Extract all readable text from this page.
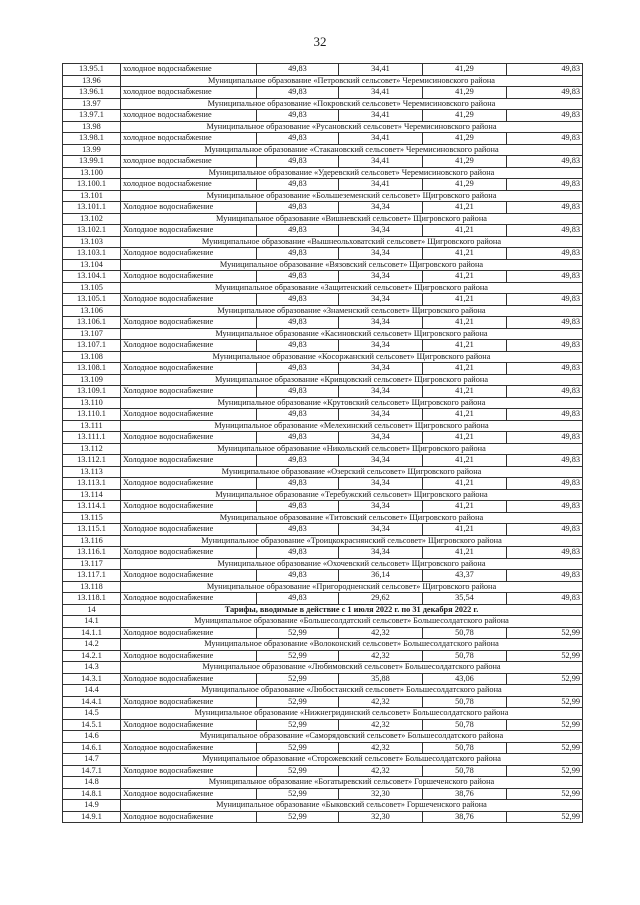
32
13.95.1	холодное водоснабжение	49,83	34,41	41,29	49,83
13.96	Муниципальное образование «Петровский сельсовет» Черемисиновского района				
13.96.1	холодное водоснабжение	49,83	34,41	41,29	49,83
13.97	Муниципальное образование «Покровский сельсовет» Черемисиновского района				
13.97.1	холодное водоснабжение	49,83	34,41	41,29	49,83
13.98	Муниципальное образование «Русановский сельсовет» Черемисиновского района				
13.98.1	холодное водоснабжение	49,83	34,41	41,29	49,83
13.99	Муниципальное образование «Стакановский сельсовет» Черемисиновского района				
13.99.1	холодное водоснабжение	49,83	34,41	41,29	49,83
13.100	Муниципальное образование «Удеревский сельсовет» Черемисиновского района				
13.100.1	холодное водоснабжение	49,83	34,41	41,29	49,83
13.101	Муниципальное образование «Большеземенский сельсовет» Щигровского района				
13.101.1	Холодное водоснабжение	49,83	34,34	41,21	49,83
13.102	Муниципальное образование «Вишневский сельсовет» Щигровского района				
13.102.1	Холодное водоснабжение	49,83	34,34	41,21	49,83
13.103	Муниципальное образование «Вышнеольховатский сельсовет» Щигровского района				
13.103.1	Холодное водоснабжение	49,83	34,34	41,21	49,83
13.104	Муниципальное образование «Вязовский сельсовет» Щигровского района				
13.104.1	Холодное водоснабжение	49,83	34,34	41,21	49,83
13.105	Муниципальное образование «Защитенский сельсовет» Щигровского района				
13.105.1	Холодное водоснабжение	49,83	34,34	41,21	49,83
13.106	Муниципальное образование «Знаменский сельсовет» Щигровского района				
13.106.1	Холодное водоснабжение	49,83	34,34	41,21	49,83
13.107	Муниципальное образование «Касиновский сельсовет» Щигровского района				
13.107.1	Холодное водоснабжение	49,83	34,34	41,21	49,83
13.108	Муниципальное образование «Косоржанский сельсовет» Щигровского района				
13.108.1	Холодное водоснабжение	49,83	34,34	41,21	49,83
13.109	Муниципальное образование «Кривцовский сельсовет» Щигровского района				
13.109.1	Холодное водоснабжение	49,83	34,34	41,21	49,83
13.110	Муниципальное образование «Крутовский сельсовет» Щигровского района				
13.110.1	Холодное водоснабжение	49,83	34,34	41,21	49,83
13.111	Муниципальное образование «Мелехинский сельсовет» Щигровского района				
13.111.1	Холодное водоснабжение	49,83	34,34	41,21	49,83
13.112	Муниципальное образование «Никольский сельсовет» Щигровского района				
13.112.1	Холодное водоснабжение	49,83	34,34	41,21	49,83
13.113	Муниципальное образование «Озерский сельсовет» Щигровского района				
13.113.1	Холодное водоснабжение	49,83	34,34	41,21	49,83
13.114	Муниципальное образование «Теребужский сельсовет» Щигровского района				
13.114.1	Холодное водоснабжение	49,83	34,34	41,21	49,83
13.115	Муниципальное образование «Титовский сельсовет» Щигровского района				
13.115.1	Холодное водоснабжение	49,83	34,34	41,21	49,83
13.116	Муниципальное образование «Троицкокраснянский сельсовет» Щигровского района				
13.116.1	Холодное водоснабжение	49,83	34,34	41,21	49,83
13.117	Муниципальное образование «Охочевский сельсовет» Щигровского района				
13.117.1	Холодное водоснабжение	49,83	36,14	43,37	49,83
13.118	Муниципальное образование «Пригородненский сельсовет» Щигровского района				
13.118.1	Холодное водоснабжение	49,83	29,62	35,54	49,83
14	Тарифы, вводимые в действие с 1 июля 2022 г. по 31 декабря 2022 г.				
14.1	Муниципальное образование «Большесолдатский сельсовет» Большесолдатского района				
14.1.1	Холодное водоснабжение	52,99	42,32	50,78	52,99
14.2	Муниципальное образование «Волоконский сельсовет» Большесолдатского района				
14.2.1	Холодное водоснабжение	52,99	42,32	50,78	52,99
14.3	Муниципальное образование «Любимовский сельсовет» Большесолдатского района				
14.3.1	Холодное водоснабжение	52,99	35,88	43,06	52,99
14.4	Муниципальное образование «Любостанский сельсовет» Большесолдатского района				
14.4.1	Холодное водоснабжение	52,99	42,32	50,78	52,99
14.5	Муниципальное образование «Нижнегридинский сельсовет» Большесолдатского района				
14.5.1	Холодное водоснабжение	52,99	42,32	50,78	52,99
14.6	Муниципальное образование «Саморядовский сельсовет» Большесолдатского района				
14.6.1	Холодное водоснабжение	52,99	42,32	50,78	52,99
14.7	Муниципальное образование «Сторожевский сельсовет» Большесолдатского района				
14.7.1	Холодное водоснабжение	52,99	42,32	50,78	52,99
14.8	Муниципальное образование «Богатыревский сельсовет» Горшеченского района				
14.8.1	Холодное водоснабжение	52,99	32,30	38,76	52,99
14.9	Муниципальное образование «Быковский сельсовет» Горшеченского района				
14.9.1	Холодное водоснабжение	52,99	32,30	38,76	52,99
